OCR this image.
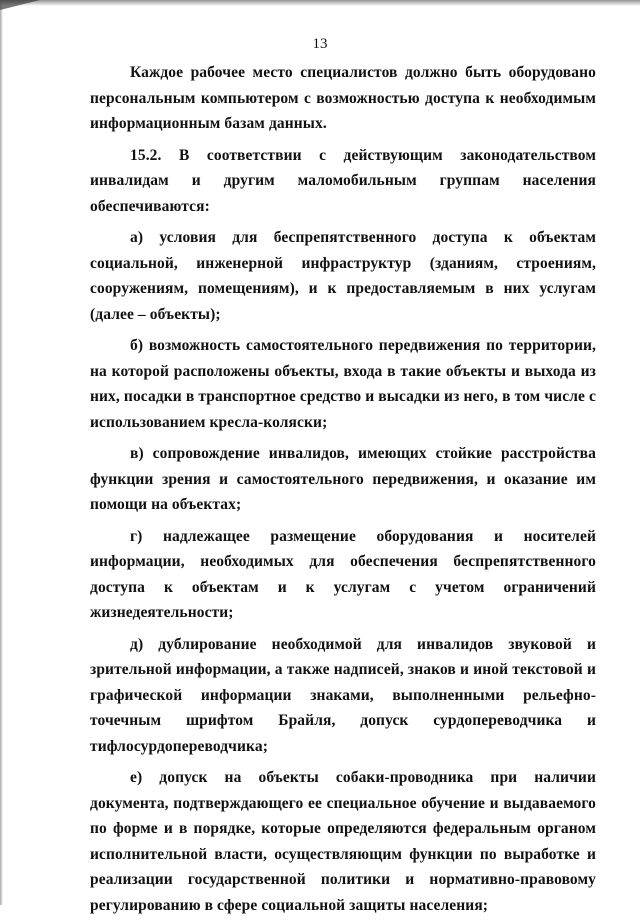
13

Каждое рабочее место специалистов должно быть оборудовано персональным компьютером с возможностью доступа к необходимым информационным базам данных.

15.2. В соответствии с действующим законодательством инвалидам и другим маломобильным группам населения обеспечиваются:

а) условия для беспрепятственного доступа к объектам социальной, инженерной инфраструктур (зданиям, строениям, сооружениям, помещениям), и к предоставляемым в них услугам (далее – объекты);

б) возможность самостоятельного передвижения по территории, на которой расположены объекты, входа в такие объекты и выхода из них, посадки в транспортное средство и высадки из него, в том числе с использованием кресла-коляски;

в) сопровождение инвалидов, имеющих стойкие расстройства функции зрения и самостоятельного передвижения, и оказание им помощи на объектах;

г) надлежащее размещение оборудования и носителей информации, необходимых для обеспечения беспрепятственного доступа к объектам и к услугам с учетом ограничений жизнедеятельности;

д) дублирование необходимой для инвалидов звуковой и зрительной информации, а также надписей, знаков и иной текстовой и графической информации знаками, выполненными рельефно-точечным шрифтом Брайля, допуск сурдопереводчика и тифлосурдопереводчика;

е) допуск на объекты собаки-проводника при наличии документа, подтверждающего ее специальное обучение и выдаваемого по форме и в порядке, которые определяются федеральным органом исполнительной власти, осуществляющим функции по выработке и реализации государственной политики и нормативно-правовому регулированию в сфере социальной защиты населения;
